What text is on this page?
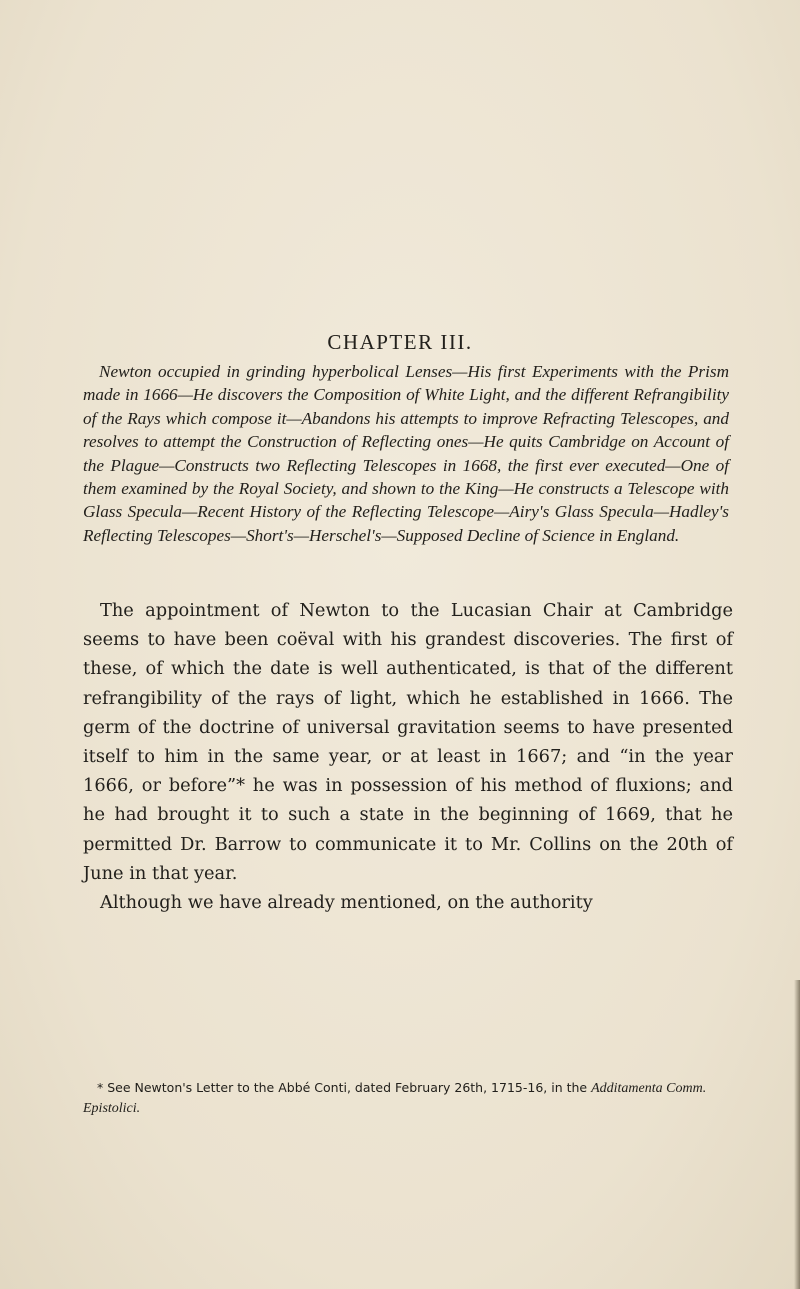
CHAPTER III.

Newton occupied in grinding hyperbolical Lenses—His first Experiments with the Prism made in 1666—He discovers the Composition of White Light, and the different Refrangibility of the Rays which compose it—Abandons his attempts to improve Refracting Telescopes, and resolves to attempt the Construction of Reflecting ones—He quits Cambridge on Account of the Plague—Constructs two Reflecting Telescopes in 1668, the first ever executed—One of them examined by the Royal Society, and shown to the King—He constructs a Telescope with Glass Specula—Recent History of the Reflecting Telescope—Airy's Glass Specula—Hadley's Reflecting Telescopes—Short's—Herschel's—Supposed Decline of Science in England.

The appointment of Newton to the Lucasian Chair at Cambridge seems to have been coëval with his grandest discoveries. The first of these, of which the date is well authenticated, is that of the different refrangibility of the rays of light, which he established in 1666. The germ of the doctrine of universal gravitation seems to have presented itself to him in the same year, or at least in 1667; and “in the year 1666, or before”* he was in possession of his method of fluxions; and he had brought it to such a state in the beginning of 1669, that he permitted Dr. Barrow to communicate it to Mr. Collins on the 20th of June in that year.

Although we have already mentioned, on the authority

* See Newton's Letter to the Abbé Conti, dated February 26th, 1715-16, in the Additamenta Comm. Epistolici.
